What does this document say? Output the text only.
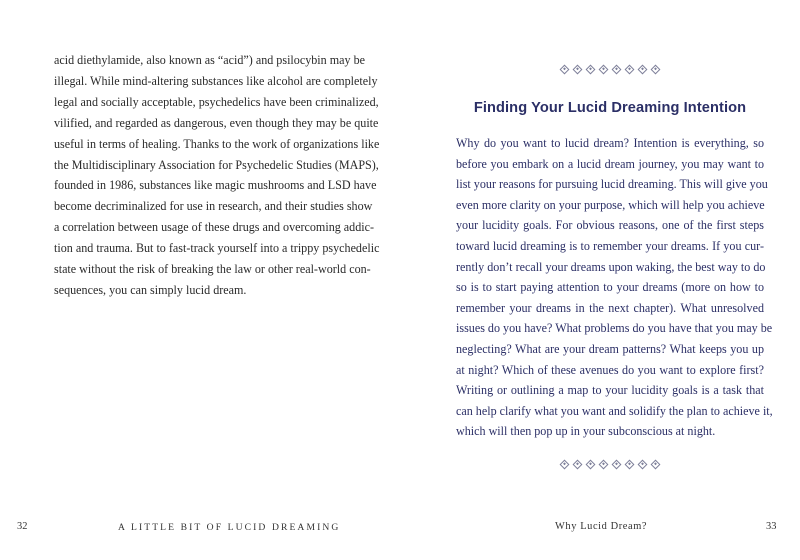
acid diethylamide, also known as “acid”) and psilocybin may be
illegal. While mind-altering substances like alcohol are completely
legal and socially acceptable, psychedelics have been criminalized,
vilified, and regarded as dangerous, even though they may be quite
useful in terms of healing. Thanks to the work of organizations like
the Multidisciplinary Association for Psychedelic Studies (MAPS),
founded in 1986, substances like magic mushrooms and LSD have
become decriminalized for use in research, and their studies show
a correlation between usage of these drugs and overcoming addic-
tion and trauma. But to fast-track yourself into a trippy psychedelic
state without the risk of breaking the law or other real-world con-
sequences, you can simply lucid dream.
Finding Your Lucid Dreaming Intention
Why do you want to lucid dream? Intention is everything, so
before you embark on a lucid dream journey, you may want to
list your reasons for pursuing lucid dreaming. This will give you
even more clarity on your purpose, which will help you achieve
your lucidity goals. For obvious reasons, one of the first steps
toward lucid dreaming is to remember your dreams. If you cur-
rently don’t recall your dreams upon waking, the best way to do
so is to start paying attention to your dreams (more on how to
remember your dreams in the next chapter). What unresolved
issues do you have? What problems do you have that you may be
neglecting? What are your dream patterns? What keeps you up
at night? Which of these avenues do you want to explore first?
Writing or outlining a map to your lucidity goals is a task that
can help clarify what you want and solidify the plan to achieve it,
which will then pop up in your subconscious at night.
32	A LITTLE BIT OF LUCID DREAMING	Why Lucid Dream?	33
